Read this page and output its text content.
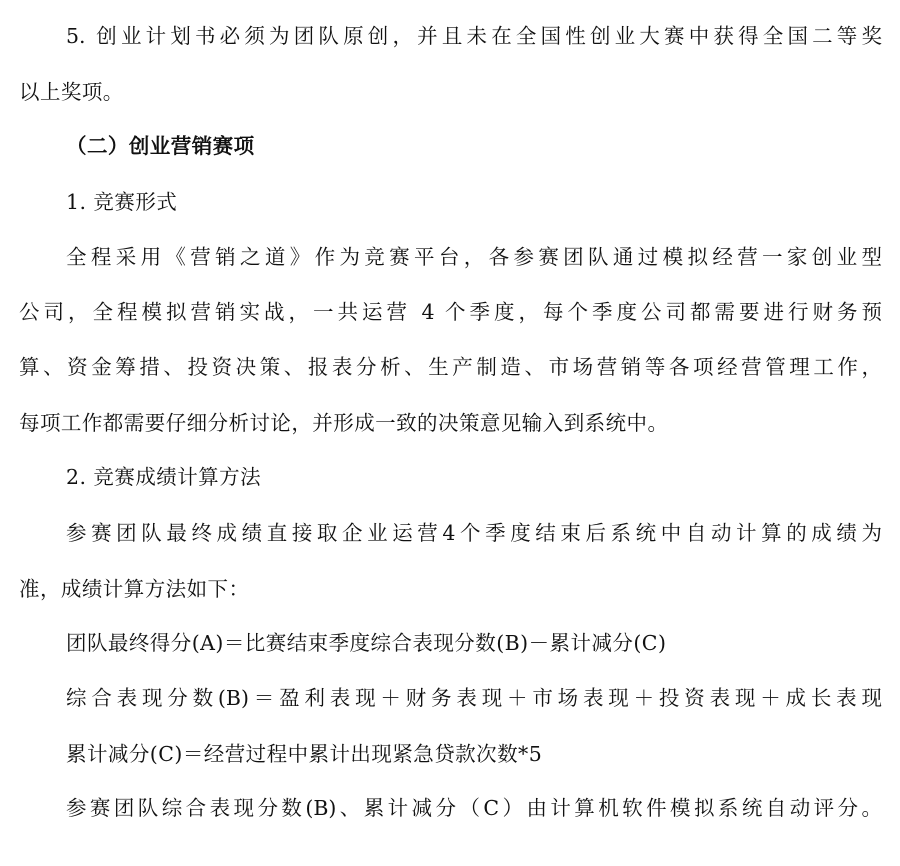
5. 创业计划书必须为团队原创，并且未在全国性创业大赛中获得全国二等奖
以上奖项。
（二）创业营销赛项
1. 竞赛形式
全程采用《营销之道》作为竞赛平台，各参赛团队通过模拟经营一家创业型
公司，全程模拟营销实战，一共运营 4 个季度，每个季度公司都需要进行财务预
算、资金筹措、投资决策、报表分析、生产制造、市场营销等各项经营管理工作，
每项工作都需要仔细分析讨论，并形成一致的决策意见输入到系统中。
2. 竞赛成绩计算方法
参赛团队最终成绩直接取企业运营4个季度结束后系统中自动计算的成绩为
准，成绩计算方法如下：
团队最终得分(A)＝比赛结束季度综合表现分数(B)－累计减分(C)
综合表现分数(B)＝盈利表现＋财务表现＋市场表现＋投资表现＋成长表现
累计减分(C)＝经营过程中累计出现紧急贷款次数*5
参赛团队综合表现分数(B)、累计减分（C）由计算机软件模拟系统自动评分。
